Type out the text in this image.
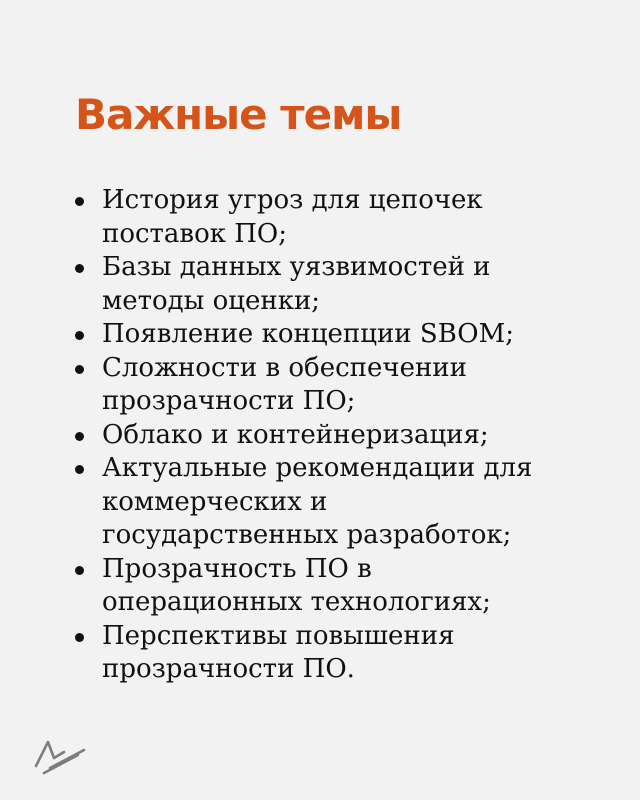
Важные темы
История угроз для цепочек
поставок ПО;
Базы данных уязвимостей и
методы оценки;
Появление концепции SBOM;
Сложности в обеспечении
прозрачности ПО;
Облако и контейнеризация;
Актуальные рекомендации для
коммерческих и
государственных разработок;
Прозрачность ПО в
операционных технологиях;
Перспективы повышения
прозрачности ПО.
